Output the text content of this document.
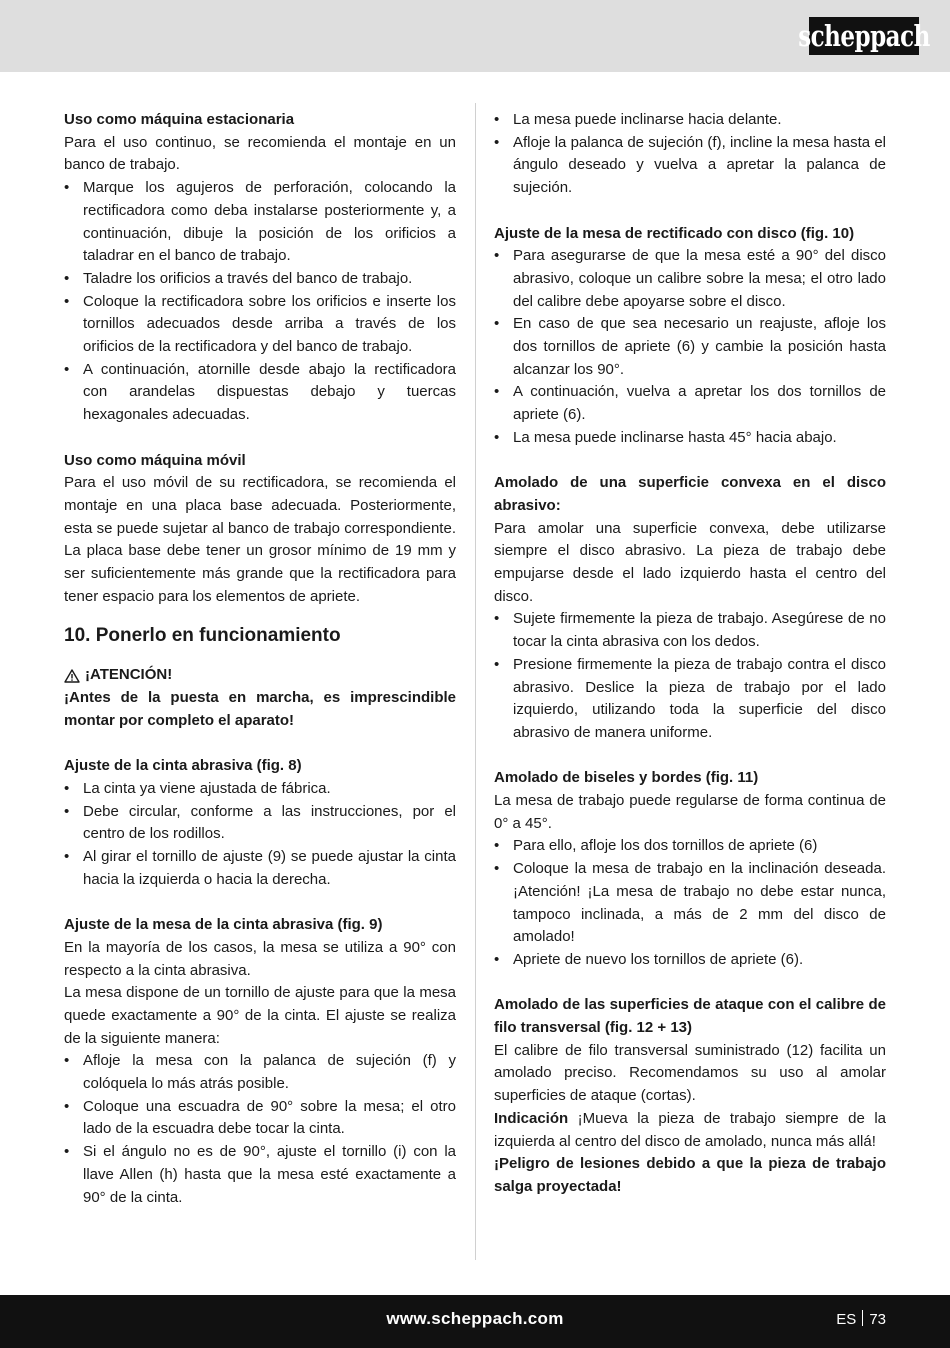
scheppach

Uso como máquina estacionaria

Para el uso continuo, se recomienda el montaje en un banco de trabajo.

• Marque los agujeros de perforación, colocando la rectificadora como deba instalarse posteriormente y, a continuación, dibuje la posición de los orificios a taladrar en el banco de trabajo.
• Taladre los orificios a través del banco de trabajo.
• Coloque la rectificadora sobre los orificios e inserte los tornillos adecuados desde arriba a través de los orificios de la rectificadora y del banco de trabajo.
• A continuación, atornille desde abajo la rectificadora con arandelas dispuestas debajo y tuercas hexagonales adecuadas.

Uso como máquina móvil

Para el uso móvil de su rectificadora, se recomienda el montaje en una placa base adecuada. Posteriormente, esta se puede sujetar al banco de trabajo correspondiente. La placa base debe tener un grosor mínimo de 19 mm y ser suficientemente más grande que la rectificadora para tener espacio para los elementos de apriete.

10. Ponerlo en funcionamiento

¡ATENCIÓN!

¡Antes de la puesta en marcha, es imprescindible montar por completo el aparato!

Ajuste de la cinta abrasiva (fig. 8)

• La cinta ya viene ajustada de fábrica.
• Debe circular, conforme a las instrucciones, por el centro de los rodillos.
• Al girar el tornillo de ajuste (9) se puede ajustar la cinta hacia la izquierda o hacia la derecha.

Ajuste de la mesa de la cinta abrasiva (fig. 9)

En la mayoría de los casos, la mesa se utiliza a 90° con respecto a la cinta abrasiva.

La mesa dispone de un tornillo de ajuste para que la mesa quede exactamente a 90° de la cinta. El ajuste se realiza de la siguiente manera:

• Afloje la mesa con la palanca de sujeción (f) y colóquela lo más atrás posible.
• Coloque una escuadra de 90° sobre la mesa; el otro lado de la escuadra debe tocar la cinta.
• Si el ángulo no es de 90°, ajuste el tornillo (i) con la llave Allen (h) hasta que la mesa esté exactamente a 90° de la cinta.
• La mesa puede inclinarse hacia delante.
• Afloje la palanca de sujeción (f), incline la mesa hasta el ángulo deseado y vuelva a apretar la palanca de sujeción.

Ajuste de la mesa de rectificado con disco (fig. 10)

• Para asegurarse de que la mesa esté a 90° del disco abrasivo, coloque un calibre sobre la mesa; el otro lado del calibre debe apoyarse sobre el disco.
• En caso de que sea necesario un reajuste, afloje los dos tornillos de apriete (6) y cambie la posición hasta alcanzar los 90°.
• A continuación, vuelva a apretar los dos tornillos de apriete (6).
• La mesa puede inclinarse hasta 45° hacia abajo.

Amolado de una superficie convexa en el disco abrasivo:

Para amolar una superficie convexa, debe utilizarse siempre el disco abrasivo. La pieza de trabajo debe empujarse desde el lado izquierdo hasta el centro del disco.

• Sujete firmemente la pieza de trabajo. Asegúrese de no tocar la cinta abrasiva con los dedos.
• Presione firmemente la pieza de trabajo contra el disco abrasivo. Deslice la pieza de trabajo por el lado izquierdo, utilizando toda la superficie del disco abrasivo de manera uniforme.

Amolado de biseles y bordes (fig. 11)

La mesa de trabajo puede regularse de forma continua de 0° a 45°.

• Para ello, afloje los dos tornillos de apriete (6)
• Coloque la mesa de trabajo en la inclinación deseada. ¡Atención! ¡La mesa de trabajo no debe estar nunca, tampoco inclinada, a más de 2 mm del disco de amolado!
• Apriete de nuevo los tornillos de apriete (6).

Amolado de las superficies de ataque con el calibre de filo transversal (fig. 12 + 13)

El calibre de filo transversal suministrado (12) facilita un amolado preciso. Recomendamos su uso al amolar superficies de ataque (cortas).

Indicación ¡Mueva la pieza de trabajo siempre de la izquierda al centro del disco de amolado, nunca más allá!

¡Peligro de lesiones debido a que la pieza de trabajo salga proyectada!

www.scheppach.com	ES 73
